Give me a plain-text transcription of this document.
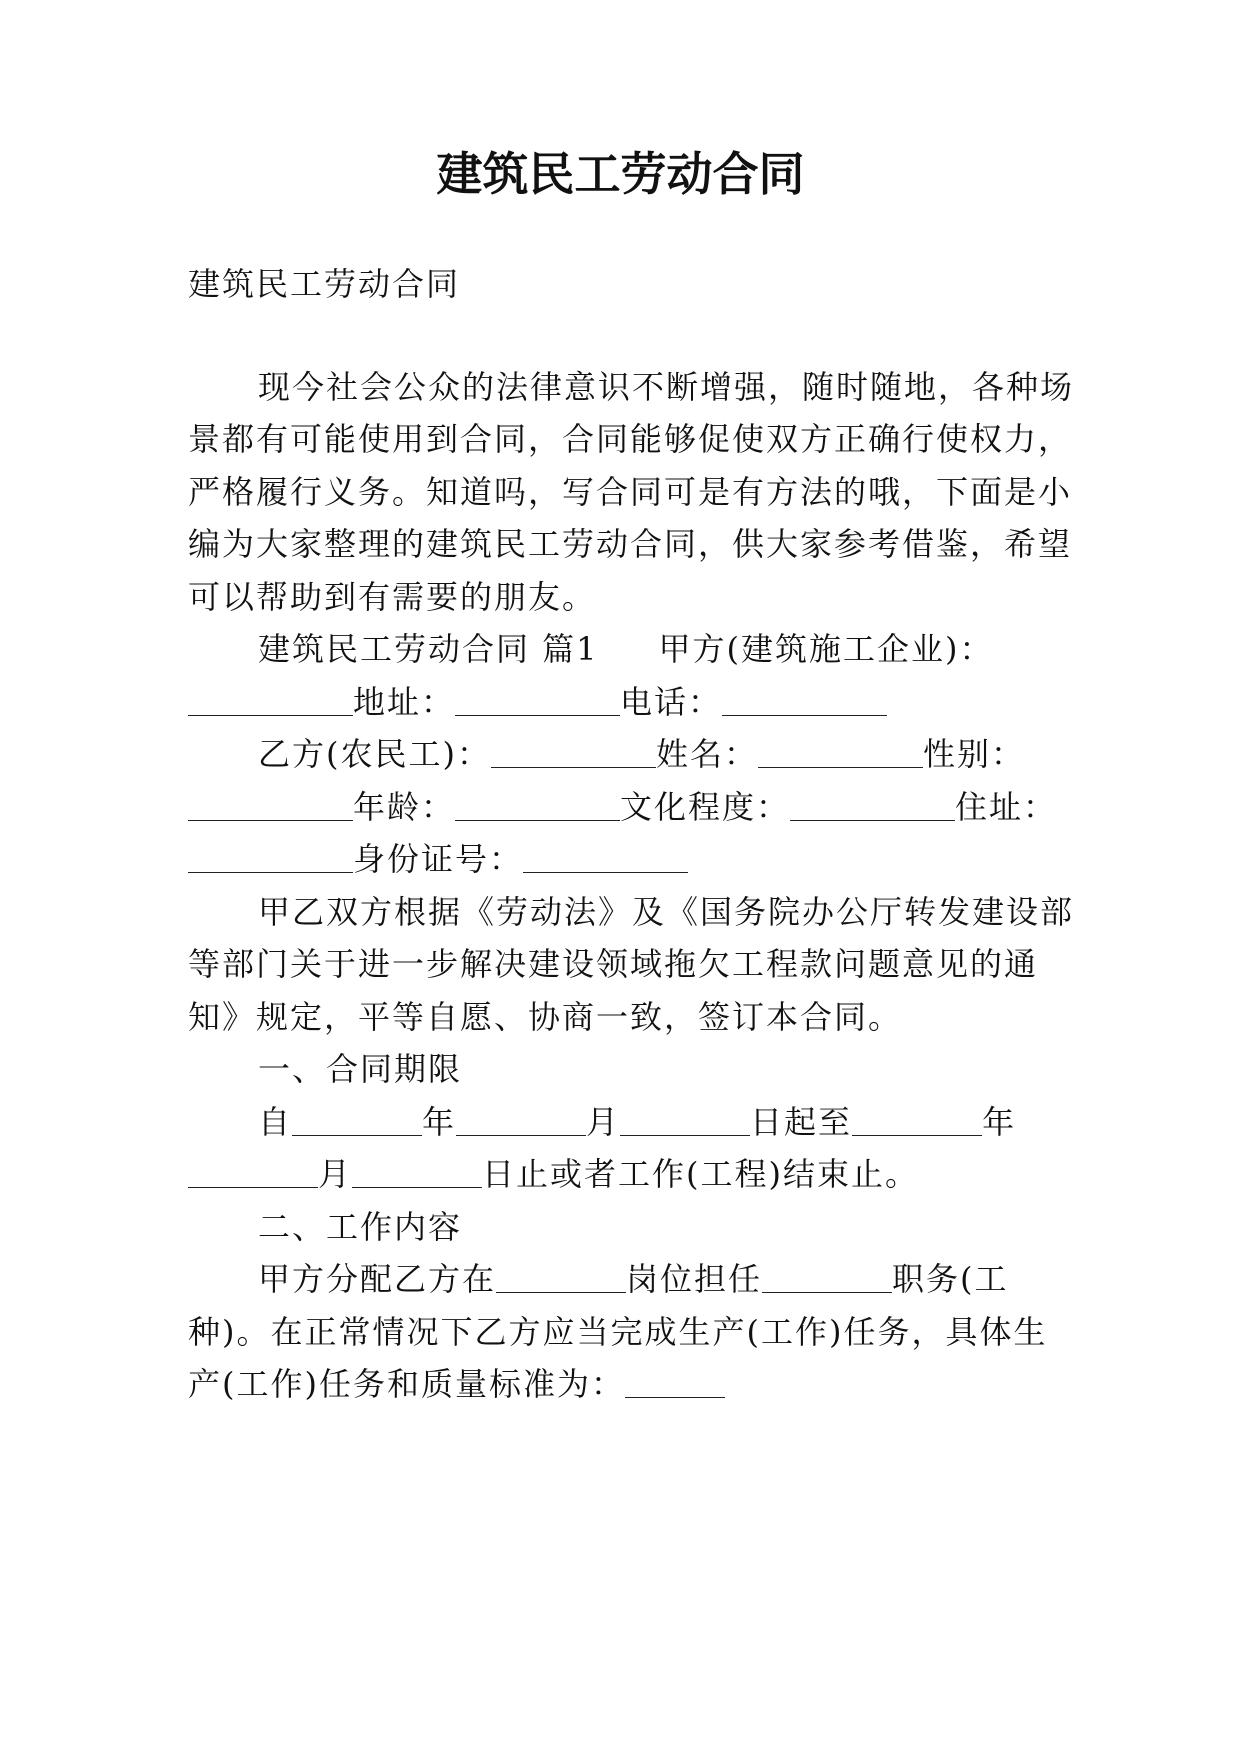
建筑民工劳动合同
建筑民工劳动合同
现今社会公众的法律意识不断增强，随时随地，各种场
景都有可能使用到合同，合同能够促使双方正确行使权力，
严格履行义务。知道吗，写合同可是有方法的哦，下面是小
编为大家整理的建筑民工劳动合同，供大家参考借鉴，希望
可以帮助到有需要的朋友。
建筑民工劳动合同 篇1 甲方(建筑施工企业)：
地址：	电话：
乙方(农民工)：	姓名：	性别：
年龄：	文化程度：	住址：
身份证号：
甲乙双方根据《劳动法》及《国务院办公厅转发建设部
等部门关于进一步解决建设领域拖欠工程款问题意见的通
知》规定，平等自愿、协商一致，签订本合同。
一、合同期限
自	年	月	日起至	年
月	日止或者工作(工程)结束止。
二、工作内容
甲方分配乙方在	岗位担任	职务(工
种)。在正常情况下乙方应当完成生产(工作)任务，具体生
产(工作)任务和质量标准为：
